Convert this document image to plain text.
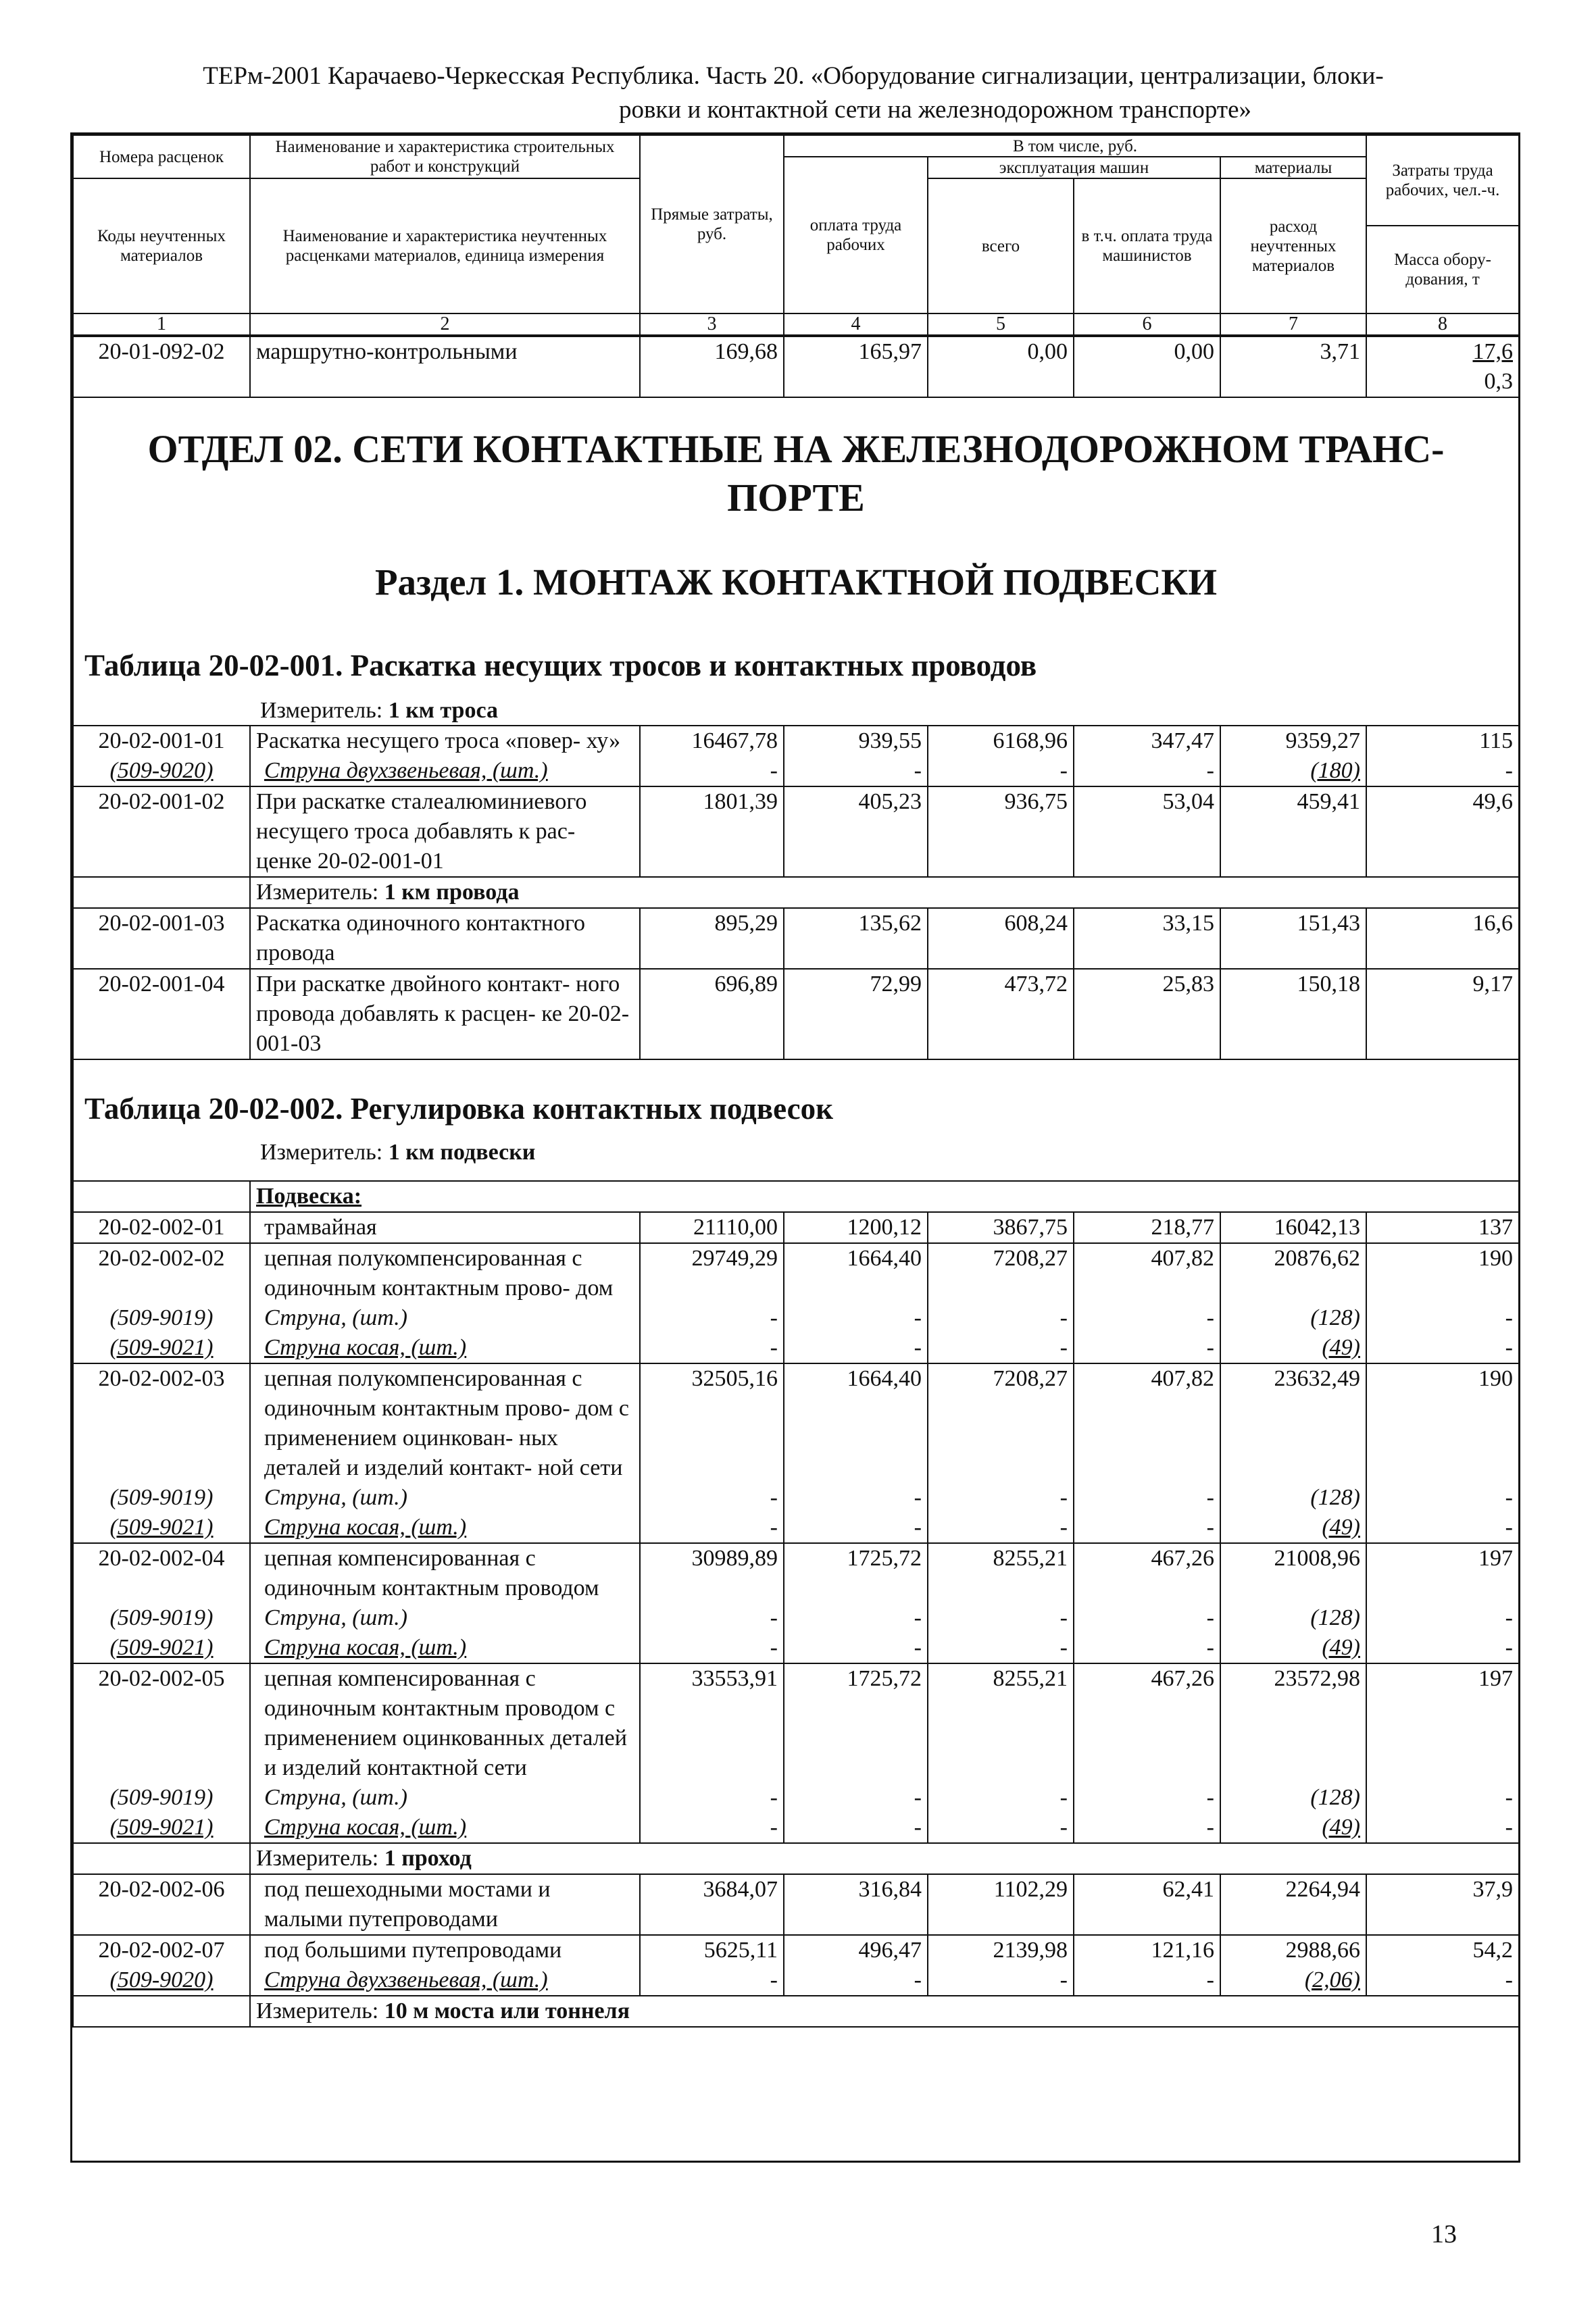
ТЕРм-2001 Карачаево-Черкесская Республика. Часть 20. «Оборудование сигнализации, централизации, блоки-
ровки и контактной сети на железнодорожном транспорте»
Номера расценок	Наименование и характеристика строительных работ и конструкций	Прямые затраты, руб.	В том числе, руб.				Затраты труда рабочих, чел.-ч.
			оплата труда рабочих	эксплуатация машин		материалы	
Коды неучтенных материалов	Наименование и характеристика неучтенных расценками материалов, единица измерения			всего	в т.ч. оплата труда машинистов	расход неучтенных материалов	
							Масса обору- дования, т
1	2	3	4	5	6	7	8
20-01-092-02	маршрутно-контрольными	169,68	165,97	0,00	0,00	3,71	17,6
0,3

ОТДЕЛ 02. СЕТИ КОНТАКТНЫЕ НА ЖЕЛЕЗНОДОРОЖНОМ ТРАНС- ПОРТЕ
Раздел 1. МОНТАЖ КОНТАКТНОЙ ПОДВЕСКИ
Таблица 20-02-001. Раскатка несущих тросов и контактных проводов
Измеритель: 1 км троса							

20-02-001-01	Раскатка несущего троса «повер- ху»	16467,78	939,55	6168,96	347,47	9359,27	115
(509-9020)	Струна двухзвеньевая, (шт.)	-	-	-	-	(180)	-
20-02-001-02	При раскатке сталеалюминиевого несущего троса добавлять к рас- ценке 20-02-001-01	1801,39	405,23	936,75	53,04	459,41	49,6
	Измеритель: 1 км провода						
20-02-001-03	Раскатка одиночного контактного провода	895,29	135,62	608,24	33,15	151,43	16,6
20-02-001-04	При раскатке двойного контакт- ного провода добавлять к расцен- ке 20-02-001-03	696,89	72,99	473,72	25,83	150,18	9,17

Таблица 20-02-002. Регулировка контактных подвесок
Измеритель: 1 км подвески							

	Подвеска:						
20-02-002-01	трамвайная	21110,00	1200,12	3867,75	218,77	16042,13	137
20-02-002-02	цепная полукомпенсированная с одиночным контактным прово- дом	29749,29	1664,40	7208,27	407,82	20876,62	190
(509-9019)	Струна, (шт.)	-	-	-	-	(128)	-
(509-9021)	Струна косая, (шт.)	-	-	-	-	(49)	-
20-02-002-03	цепная полукомпенсированная с одиночным контактным прово- дом с применением оцинкован- ных деталей и изделий контакт- ной сети	32505,16	1664,40	7208,27	407,82	23632,49	190
(509-9019)	Струна, (шт.)	-	-	-	-	(128)	-
(509-9021)	Струна косая, (шт.)	-	-	-	-	(49)	-
20-02-002-04	цепная компенсированная с одиночным контактным проводом	30989,89	1725,72	8255,21	467,26	21008,96	197
(509-9019)	Струна, (шт.)	-	-	-	-	(128)	-
(509-9021)	Струна косая, (шт.)	-	-	-	-	(49)	-
20-02-002-05	цепная компенсированная с одиночным контактным проводом с применением оцинкованных деталей и изделий контактной сети	33553,91	1725,72	8255,21	467,26	23572,98	197
(509-9019)	Струна, (шт.)	-	-	-	-	(128)	-
(509-9021)	Струна косая, (шт.)	-	-	-	-	(49)	-
	Измеритель: 1 проход						
20-02-002-06	под пешеходными мостами и малыми путепроводами	3684,07	316,84	1102,29	62,41	2264,94	37,9
20-02-002-07	под большими путепроводами	5625,11	496,47	2139,98	121,16	2988,66	54,2
(509-9020)	Струна двухзвеньевая, (шт.)	-	-	-	-	(2,06)	-
	Измеритель: 10 м моста или тоннеля						
13
